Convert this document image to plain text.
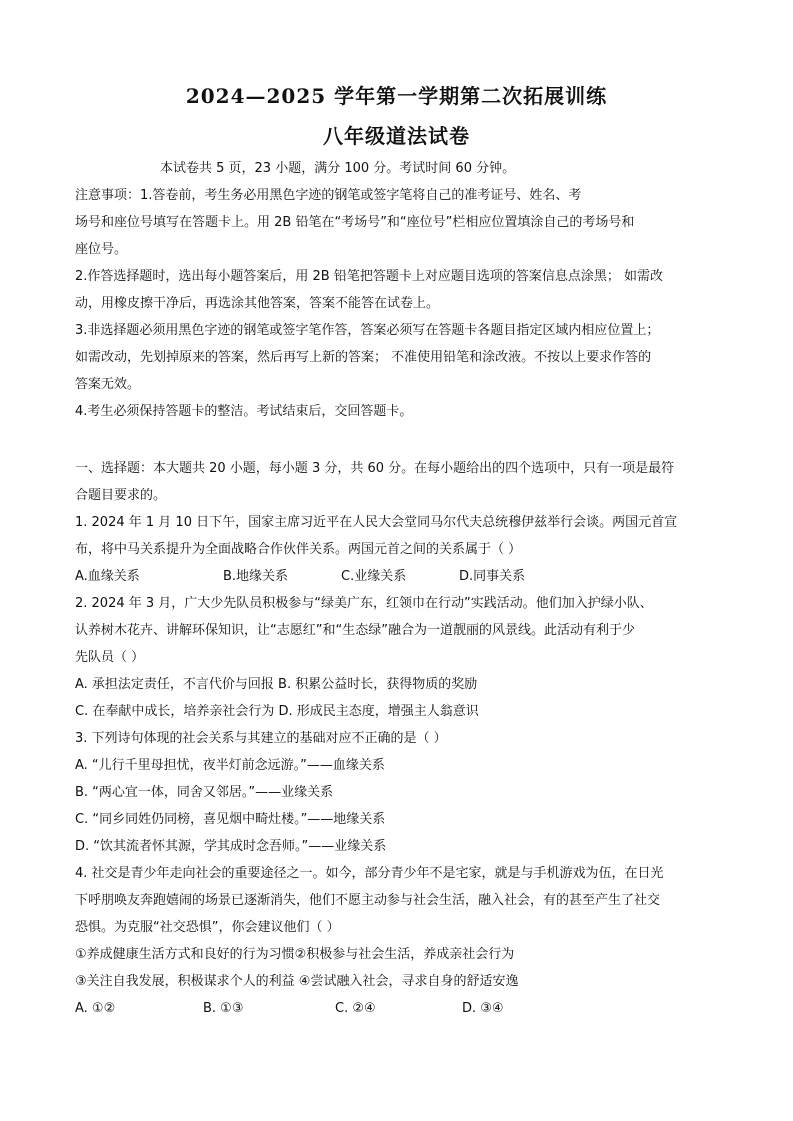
2024—2025 学年第一学期第二次拓展训练
八年级道法试卷
本试卷共 5 页，23 小题，满分 100 分。考试时间 60 分钟。
注意事项：1.答卷前，考生务必用黑色字迹的钢笔或签字笔将自己的准考证号、姓名、考
场号和座位号填写在答题卡上。用 2B 铅笔在“考场号”和“座位号”栏相应位置填涂自己的考场号和
座位号。
2.作答选择题时，选出每小题答案后，用 2B 铅笔把答题卡上对应题目选项的答案信息点涂黑； 如需改
动，用橡皮擦干净后，再选涂其他答案，答案不能答在试卷上。
3.非选择题必须用黑色字迹的钢笔或签字笔作答，答案必须写在答题卡各题目指定区域内相应位置上；
如需改动，先划掉原来的答案，然后再写上新的答案； 不准使用铅笔和涂改液。不按以上要求作答的
答案无效。
4.考生必须保持答题卡的整洁。考试结束后，交回答题卡。
一、选择题：本大题共 20 小题，每小题 3 分，共 60 分。在每小题给出的四个选项中，只有一项是最符
合题目要求的。
1. 2024 年 1 月 10 日下午，国家主席习近平在人民大会堂同马尔代夫总统穆伊兹举行会谈。两国元首宣
布，将中马关系提升为全面战略合作伙伴关系。两国元首之间的关系属于（ ）
A.血缘关系	B.地缘关系	C.业缘关系	D.同事关系
2. 2024 年 3 月，广大少先队员积极参与“绿美广东，红领巾在行动”实践活动。他们加入护绿小队、
认养树木花卉、讲解环保知识，让“志愿红”和“生态绿”融合为一道靓丽的风景线。此活动有利于少
先队员（ ）
A. 承担法定责任，不言代价与回报 B. 积累公益时长，获得物质的奖励
C. 在奉献中成长，培养亲社会行为 D. 形成民主态度，增强主人翁意识
3. 下列诗句体现的社会关系与其建立的基础对应不正确的是（ ）
A. “儿行千里母担忧，夜半灯前念远游。”——血缘关系
B. “两心宜一体，同舍又邻居。”——业缘关系
C. “同乡同姓仍同榜，喜见烟中畸灶楼。”——地缘关系
D. “饮其流者怀其源，学其成时念吾师。”——业缘关系
4. 社交是青少年走向社会的重要途径之一。如今，部分青少年不是宅家，就是与手机游戏为伍，在日光
下呼朋唤友奔跑嬉闹的场景已逐渐消失，他们不愿主动参与社会生活，融入社会，有的甚至产生了社交
恐惧。为克服“社交恐惧”，你会建议他们（ ）
①养成健康生活方式和良好的行为习惯②积极参与社会生活，养成亲社会行为
③关注自我发展，积极谋求个人的利益 ④尝试融入社会，寻求自身的舒适安逸
A. ①②	B. ①③	C. ②④	D. ③④
